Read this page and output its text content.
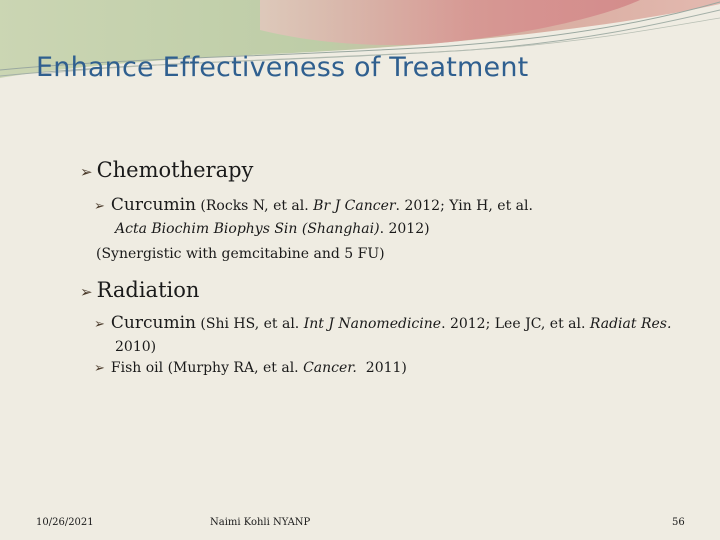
Enhance Effectiveness of Treatment
➢ Chemotherapy
➢ Curcumin (Rocks N, et al. Br J Cancer. 2012; Yin H, et al.
Acta Biochim Biophys Sin (Shanghai). 2012)
(Synergistic with gemcitabine and 5 FU)
➢ Radiation
➢ Curcumin (Shi HS, et al. Int J Nanomedicine. 2012; Lee JC, et al. Radiat Res.
2010)
➢ Fish oil (Murphy RA, et al. Cancer.  2011)
10/26/2021	Naimi Kohli NYANP	56
